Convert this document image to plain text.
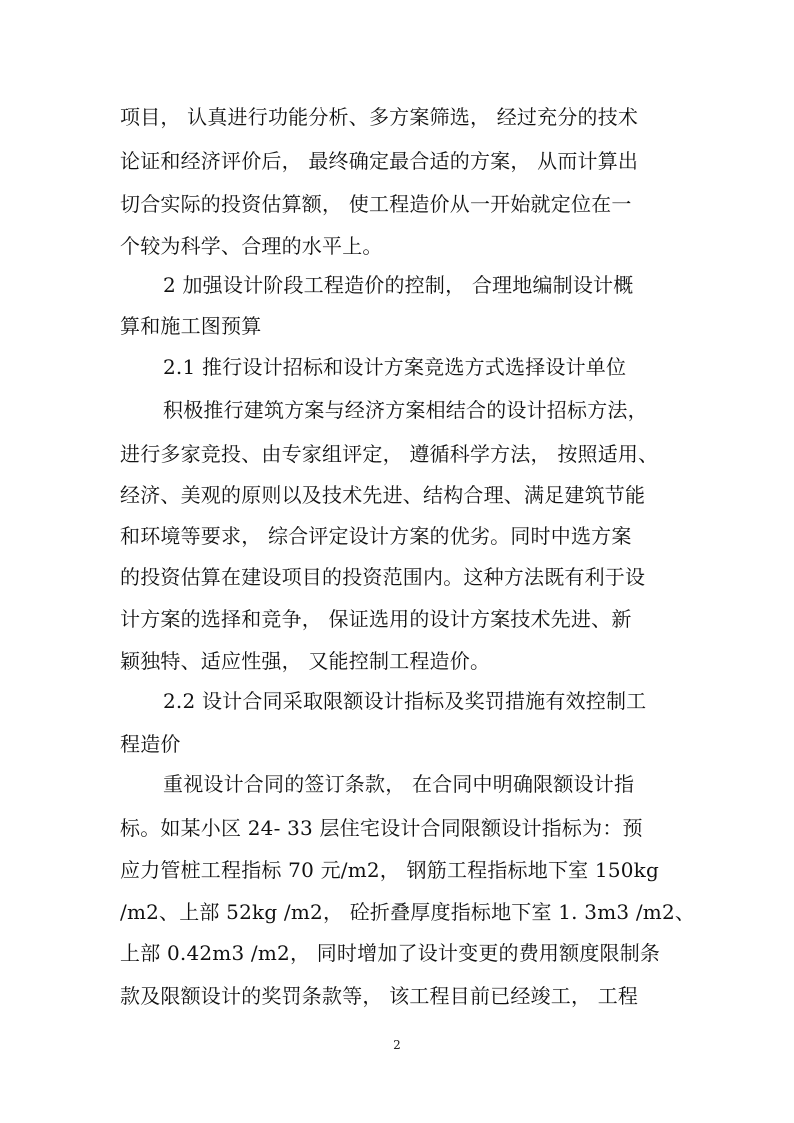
项目， 认真进行功能分析、多方案筛选， 经过充分的技术
论证和经济评价后， 最终确定最合适的方案， 从而计算出
切合实际的投资估算额， 使工程造价从一开始就定位在一
个较为科学、合理的水平上。
2 加强设计阶段工程造价的控制， 合理地编制设计概
算和施工图预算
2.1 推行设计招标和设计方案竞选方式选择设计单位
积极推行建筑方案与经济方案相结合的设计招标方法，
进行多家竞投、由专家组评定， 遵循科学方法， 按照适用、
经济、美观的原则以及技术先进、结构合理、满足建筑节能
和环境等要求， 综合评定设计方案的优劣。同时中选方案
的投资估算在建设项目的投资范围内。这种方法既有利于设
计方案的选择和竞争， 保证选用的设计方案技术先进、新
颖独特、适应性强， 又能控制工程造价。
2.2 设计合同采取限额设计指标及奖罚措施有效控制工
程造价
重视设计合同的签订条款， 在合同中明确限额设计指
标。如某小区 24- 33 层住宅设计合同限额设计指标为：预
应力管桩工程指标 70 元/m2， 钢筋工程指标地下室 150kg
/m2、上部 52kg /m2， 砼折叠厚度指标地下室 1. 3m3 /m2、
上部 0.42m3 /m2， 同时增加了设计变更的费用额度限制条
款及限额设计的奖罚条款等， 该工程目前已经竣工， 工程
2
